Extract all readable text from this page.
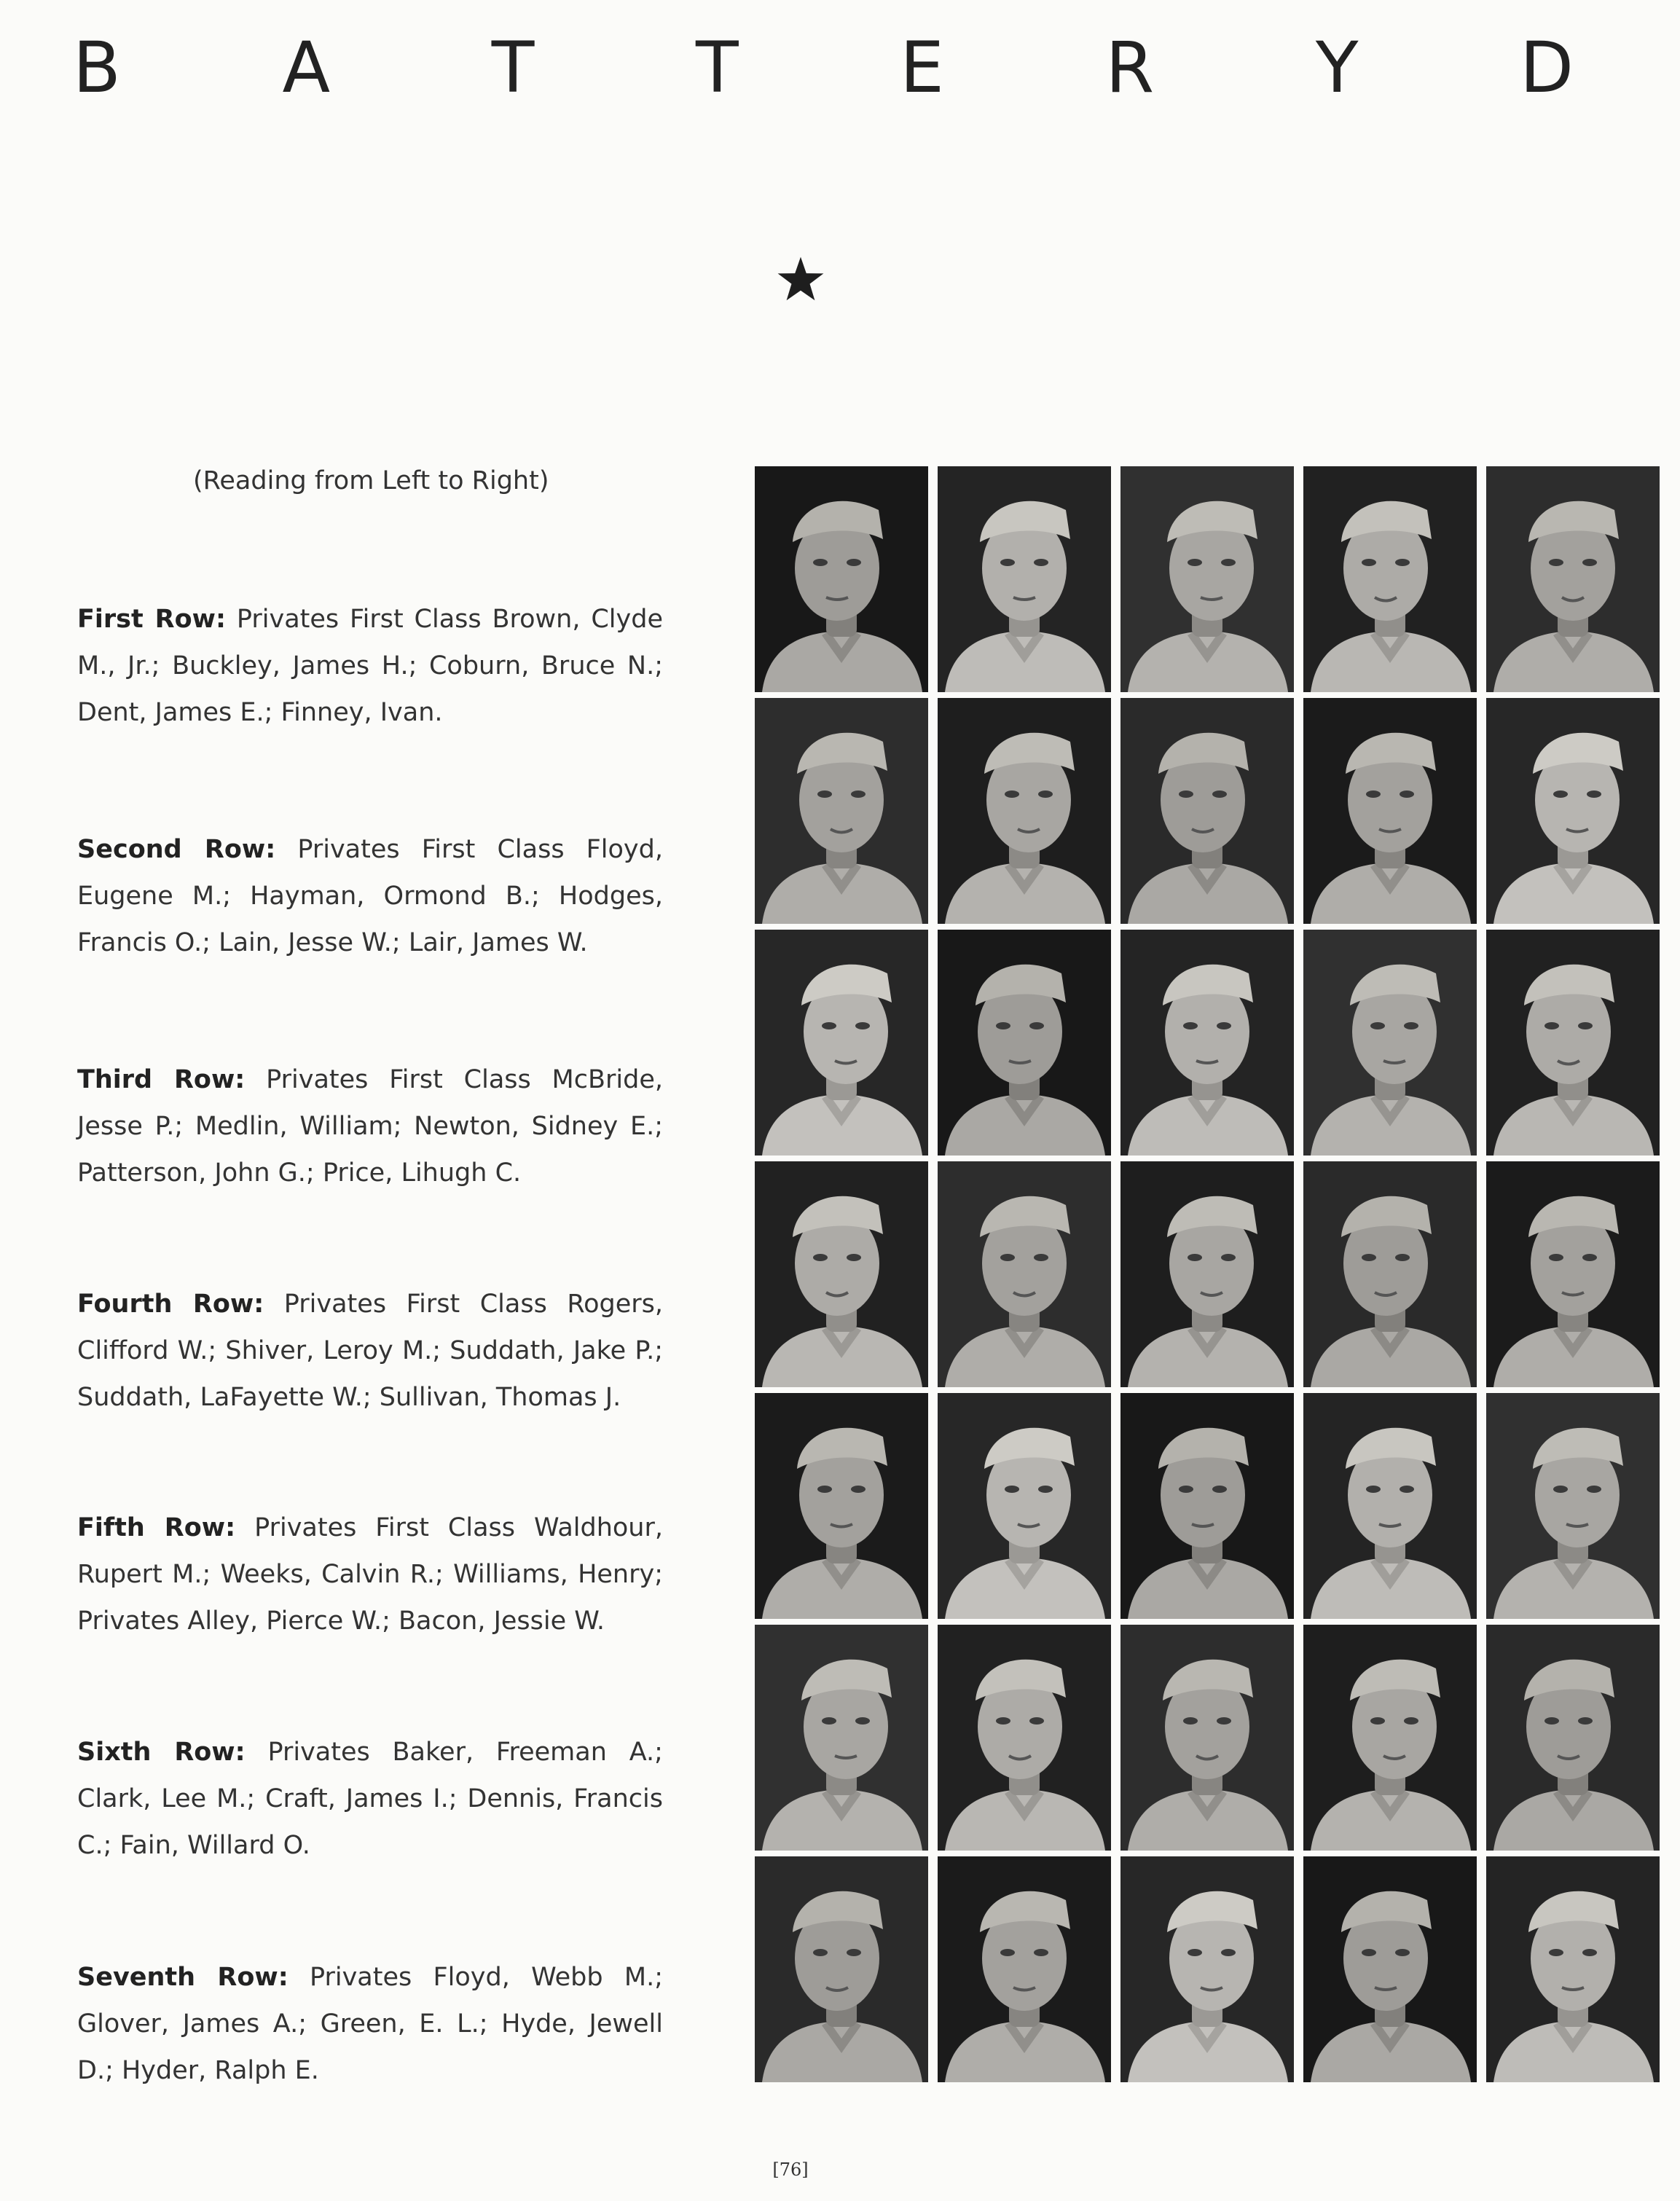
B A T T E R Y D
(Reading from Left to Right)
First Row: Privates First Class Brown, Clyde M., Jr.; Buckley, James H.; Coburn, Bruce N.; Dent, James E.; Finney, Ivan.
Second Row: Privates First Class Floyd, Eugene M.; Hayman, Ormond B.; Hodges, Francis O.; Lain, Jesse W.; Lair, James W.
Third Row: Privates First Class McBride, Jesse P.; Medlin, William; Newton, Sidney E.; Patterson, John G.; Price, Lihugh C.
Fourth Row: Privates First Class Rogers, Clifford W.; Shiver, Leroy M.; Suddath, Jake P.; Suddath, LaFayette W.; Sullivan, Thomas J.
Fifth Row: Privates First Class Waldhour, Rupert M.; Weeks, Calvin R.; Williams, Henry; Privates Alley, Pierce W.; Bacon, Jessie W.
Sixth Row: Privates Baker, Freeman A.; Clark, Lee M.; Craft, James I.; Dennis, Francis C.; Fain, Willard O.
Seventh Row: Privates Floyd, Webb M.; Glover, James A.; Green, E. L.; Hyde, Jewell D.; Hyder, Ralph E.
[76]
